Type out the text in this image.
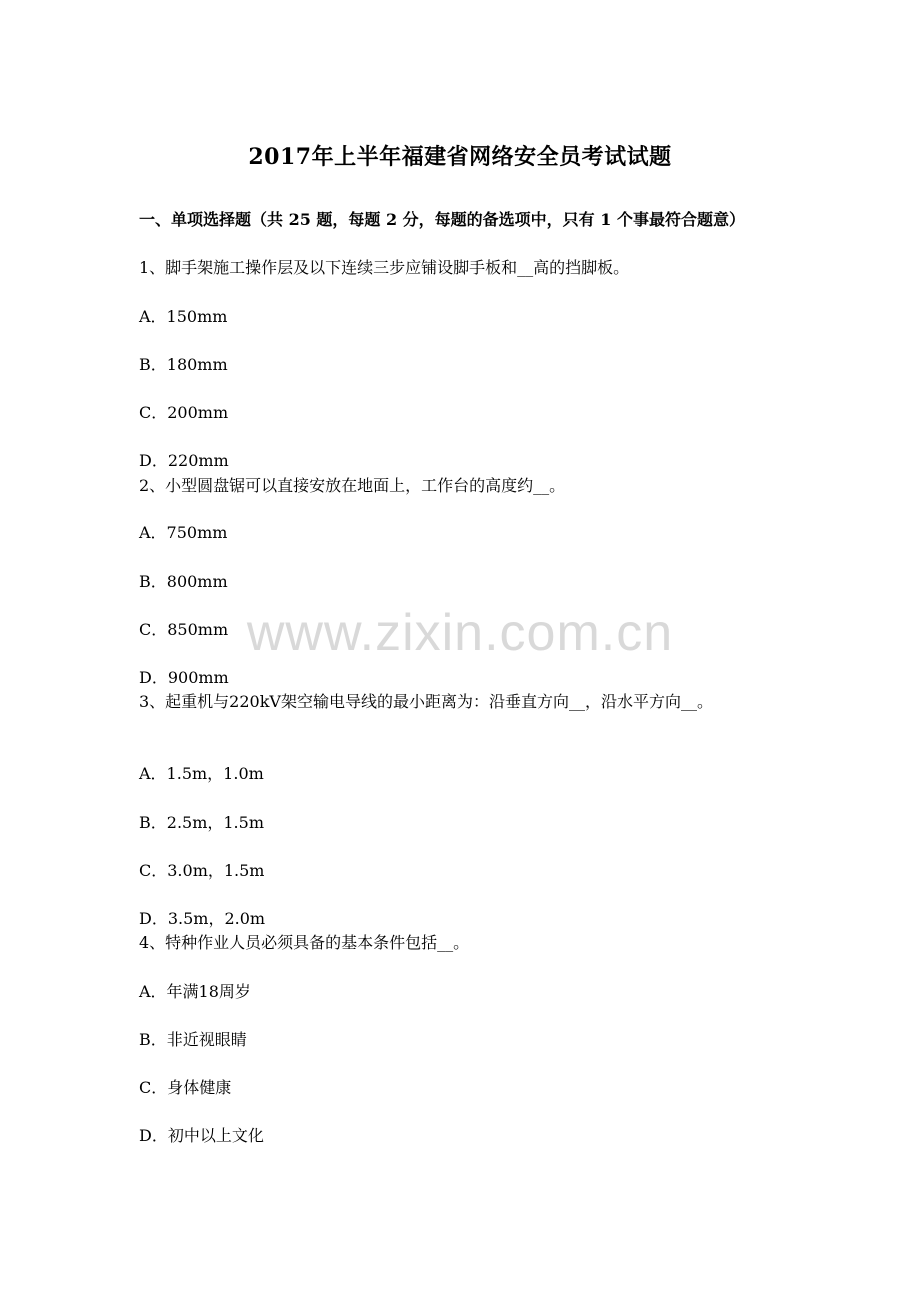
2017年上半年福建省网络安全员考试试题
一、单项选择题（共 25 题，每题 2 分，每题的备选项中，只有 1 个事最符合题意）
1、脚手架施工操作层及以下连续三步应铺设脚手板和__高的挡脚板。
A．150mm
B．180mm
C．200mm
D．220mm
2、小型圆盘锯可以直接安放在地面上，工作台的高度约__。
A．750mm
B．800mm
C．850mm
D．900mm
3、起重机与220kV架空输电导线的最小距离为：沿垂直方向__，沿水平方向__。
A．1.5m，1.0m
B．2.5m，1.5m
C．3.0m，1.5m
D．3.5m，2.0m
4、特种作业人员必须具备的基本条件包括__。
A．年满18周岁
B．非近视眼睛
C．身体健康
D．初中以上文化
www.zixin.com.cn
